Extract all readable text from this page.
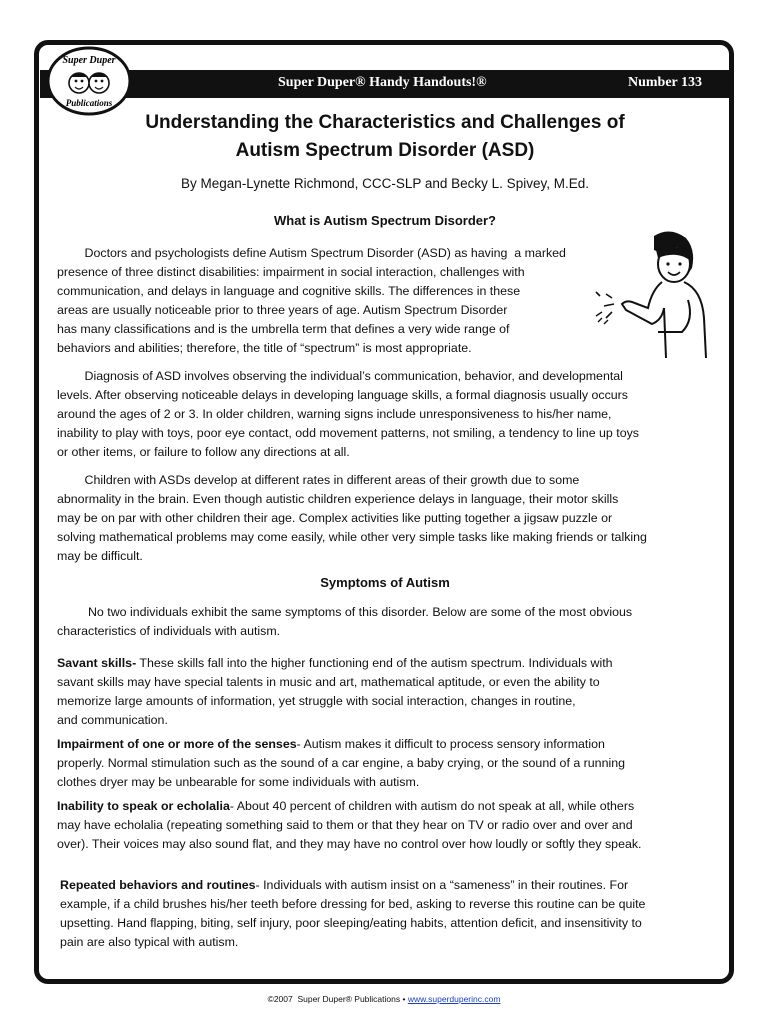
Super Duper
Publications
Super Duper® Handy Handouts!®	Number 133
Understanding the Characteristics and Challenges of
Autism Spectrum Disorder (ASD)
By Megan-Lynette Richmond, CCC-SLP and Becky L. Spivey, M.Ed.
What is Autism Spectrum Disorder?

Doctors and psychologists define Autism Spectrum Disorder (ASD) as having  a marked

presence of three distinct disabilities: impairment in social interaction, challenges with

communication, and delays in language and cognitive skills. The differences in these

areas are usually noticeable prior to three years of age. Autism Spectrum Disorder

has many classifications and is the umbrella term that defines a very wide range of

behaviors and abilities; therefore, the title of “spectrum” is most appropriate.

Diagnosis of ASD involves observing the individual’s communication, behavior, and developmental

levels. After observing noticeable delays in developing language skills, a formal diagnosis usually occurs

around the ages of 2 or 3. In older children, warning signs include unresponsiveness to his/her name,

inability to play with toys, poor eye contact, odd movement patterns, not smiling, a tendency to line up toys

or other items, or failure to follow any directions at all.

Children with ASDs develop at different rates in different areas of their growth due to some

abnormality in the brain. Even though autistic children experience delays in language, their motor skills

may be on par with other children their age. Complex activities like putting together a jigsaw puzzle or

solving mathematical problems may come easily, while other very simple tasks like making friends or talking

may be difficult.

Symptoms of Autism

No two individuals exhibit the same symptoms of this disorder. Below are some of the most obvious

characteristics of individuals with autism.

Savant skills- These skills fall into the higher functioning end of the autism spectrum. Individuals with

savant skills may have special talents in music and art, mathematical aptitude, or even the ability to

memorize large amounts of information, yet struggle with social interaction, changes in routine,

and communication.

Impairment of one or more of the senses- Autism makes it difficult to process sensory information

properly. Normal stimulation such as the sound of a car engine, a baby crying, or the sound of a running

clothes dryer may be unbearable for some individuals with autism.

Inability to speak or echolalia- About 40 percent of children with autism do not speak at all, while others

may have echolalia (repeating something said to them or that they hear on TV or radio over and over and

over). Their voices may also sound flat, and they may have no control over how loudly or softly they speak.

Repeated behaviors and routines- Individuals with autism insist on a “sameness” in their routines. For

example, if a child brushes his/her teeth before dressing for bed, asking to reverse this routine can be quite

upsetting. Hand flapping, biting, self injury, poor sleeping/eating habits, attention deficit, and insensitivity to

pain are also typical with autism.

©2007  Super Duper® Publications • www.superduperinc.com
